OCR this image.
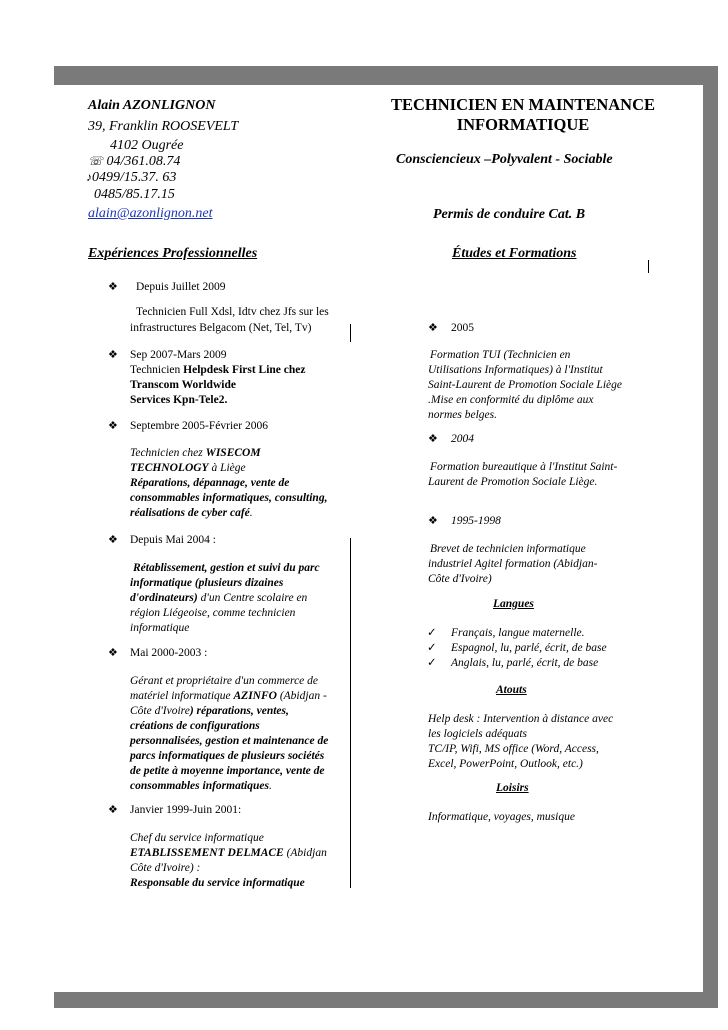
Alain AZONLIGNON
39, Franklin ROOSEVELT
4102 Ougrée
☏ 04/361.08.74
♪0499/15.37. 63
0485/85.17.15
alain@azonlignon.net
TECHNICIEN EN MAINTENANCE INFORMATIQUE
Consciencieux –Polyvalent - Sociable
Permis de conduire Cat. B
Expériences Professionnelles	Études et Formations
❖ Depuis Juillet 2009
Technicien Full Xdsl, Idtv chez Jfs sur les
infrastructures Belgacom (Net, Tel, Tv)
❖ Sep 2007-Mars 2009
Technicien Helpdesk First Line chez
Transcom Worldwide
Services Kpn-Tele2.
❖ Septembre 2005-Février 2006
Technicien chez WISECOM
TECHNOLOGY à Liège
Réparations, dépannage, vente de
consommables informatiques, consulting,
réalisations de cyber café.
❖ Depuis Mai 2004 :
Rétablissement, gestion et suivi du parc
informatique (plusieurs dizaines
d'ordinateurs) d'un Centre scolaire en
région Liégeoise, comme technicien
informatique
❖ Mai 2000-2003 :
Gérant et propriétaire d'un commerce de
matériel informatique AZINFO (Abidjan -
Côte d'Ivoire) réparations, ventes,
créations de configurations
personnalisées, gestion et maintenance de
parcs informatiques de plusieurs sociétés
de petite à moyenne importance, vente de
consommables informatiques.
❖ Janvier 1999-Juin 2001:
Chef du service informatique
ETABLISSEMENT DELMACE (Abidjan
Côte d'Ivoire) :
Responsable du service informatique
❖ 2005
Formation TUI (Technicien en
Utilisations Informatiques) à l'Institut
Saint-Laurent de Promotion Sociale Liège
.Mise en conformité du diplôme aux
normes belges.
❖ 2004
Formation bureautique à l'Institut Saint-
Laurent de Promotion Sociale Liège.
❖ 1995-1998
Brevet de technicien informatique
industriel Agitel formation (Abidjan-
Côte d'Ivoire)
Langues
✓ Français, langue maternelle.
✓ Espagnol, lu, parlé, écrit, de base
✓ Anglais, lu, parlé, écrit, de base
Atouts
Help desk : Intervention à distance avec
les logiciels adéquats
TC/IP, Wifi, MS office (Word, Access,
Excel, PowerPoint, Outlook, etc.)
Loisirs
Informatique, voyages, musique
